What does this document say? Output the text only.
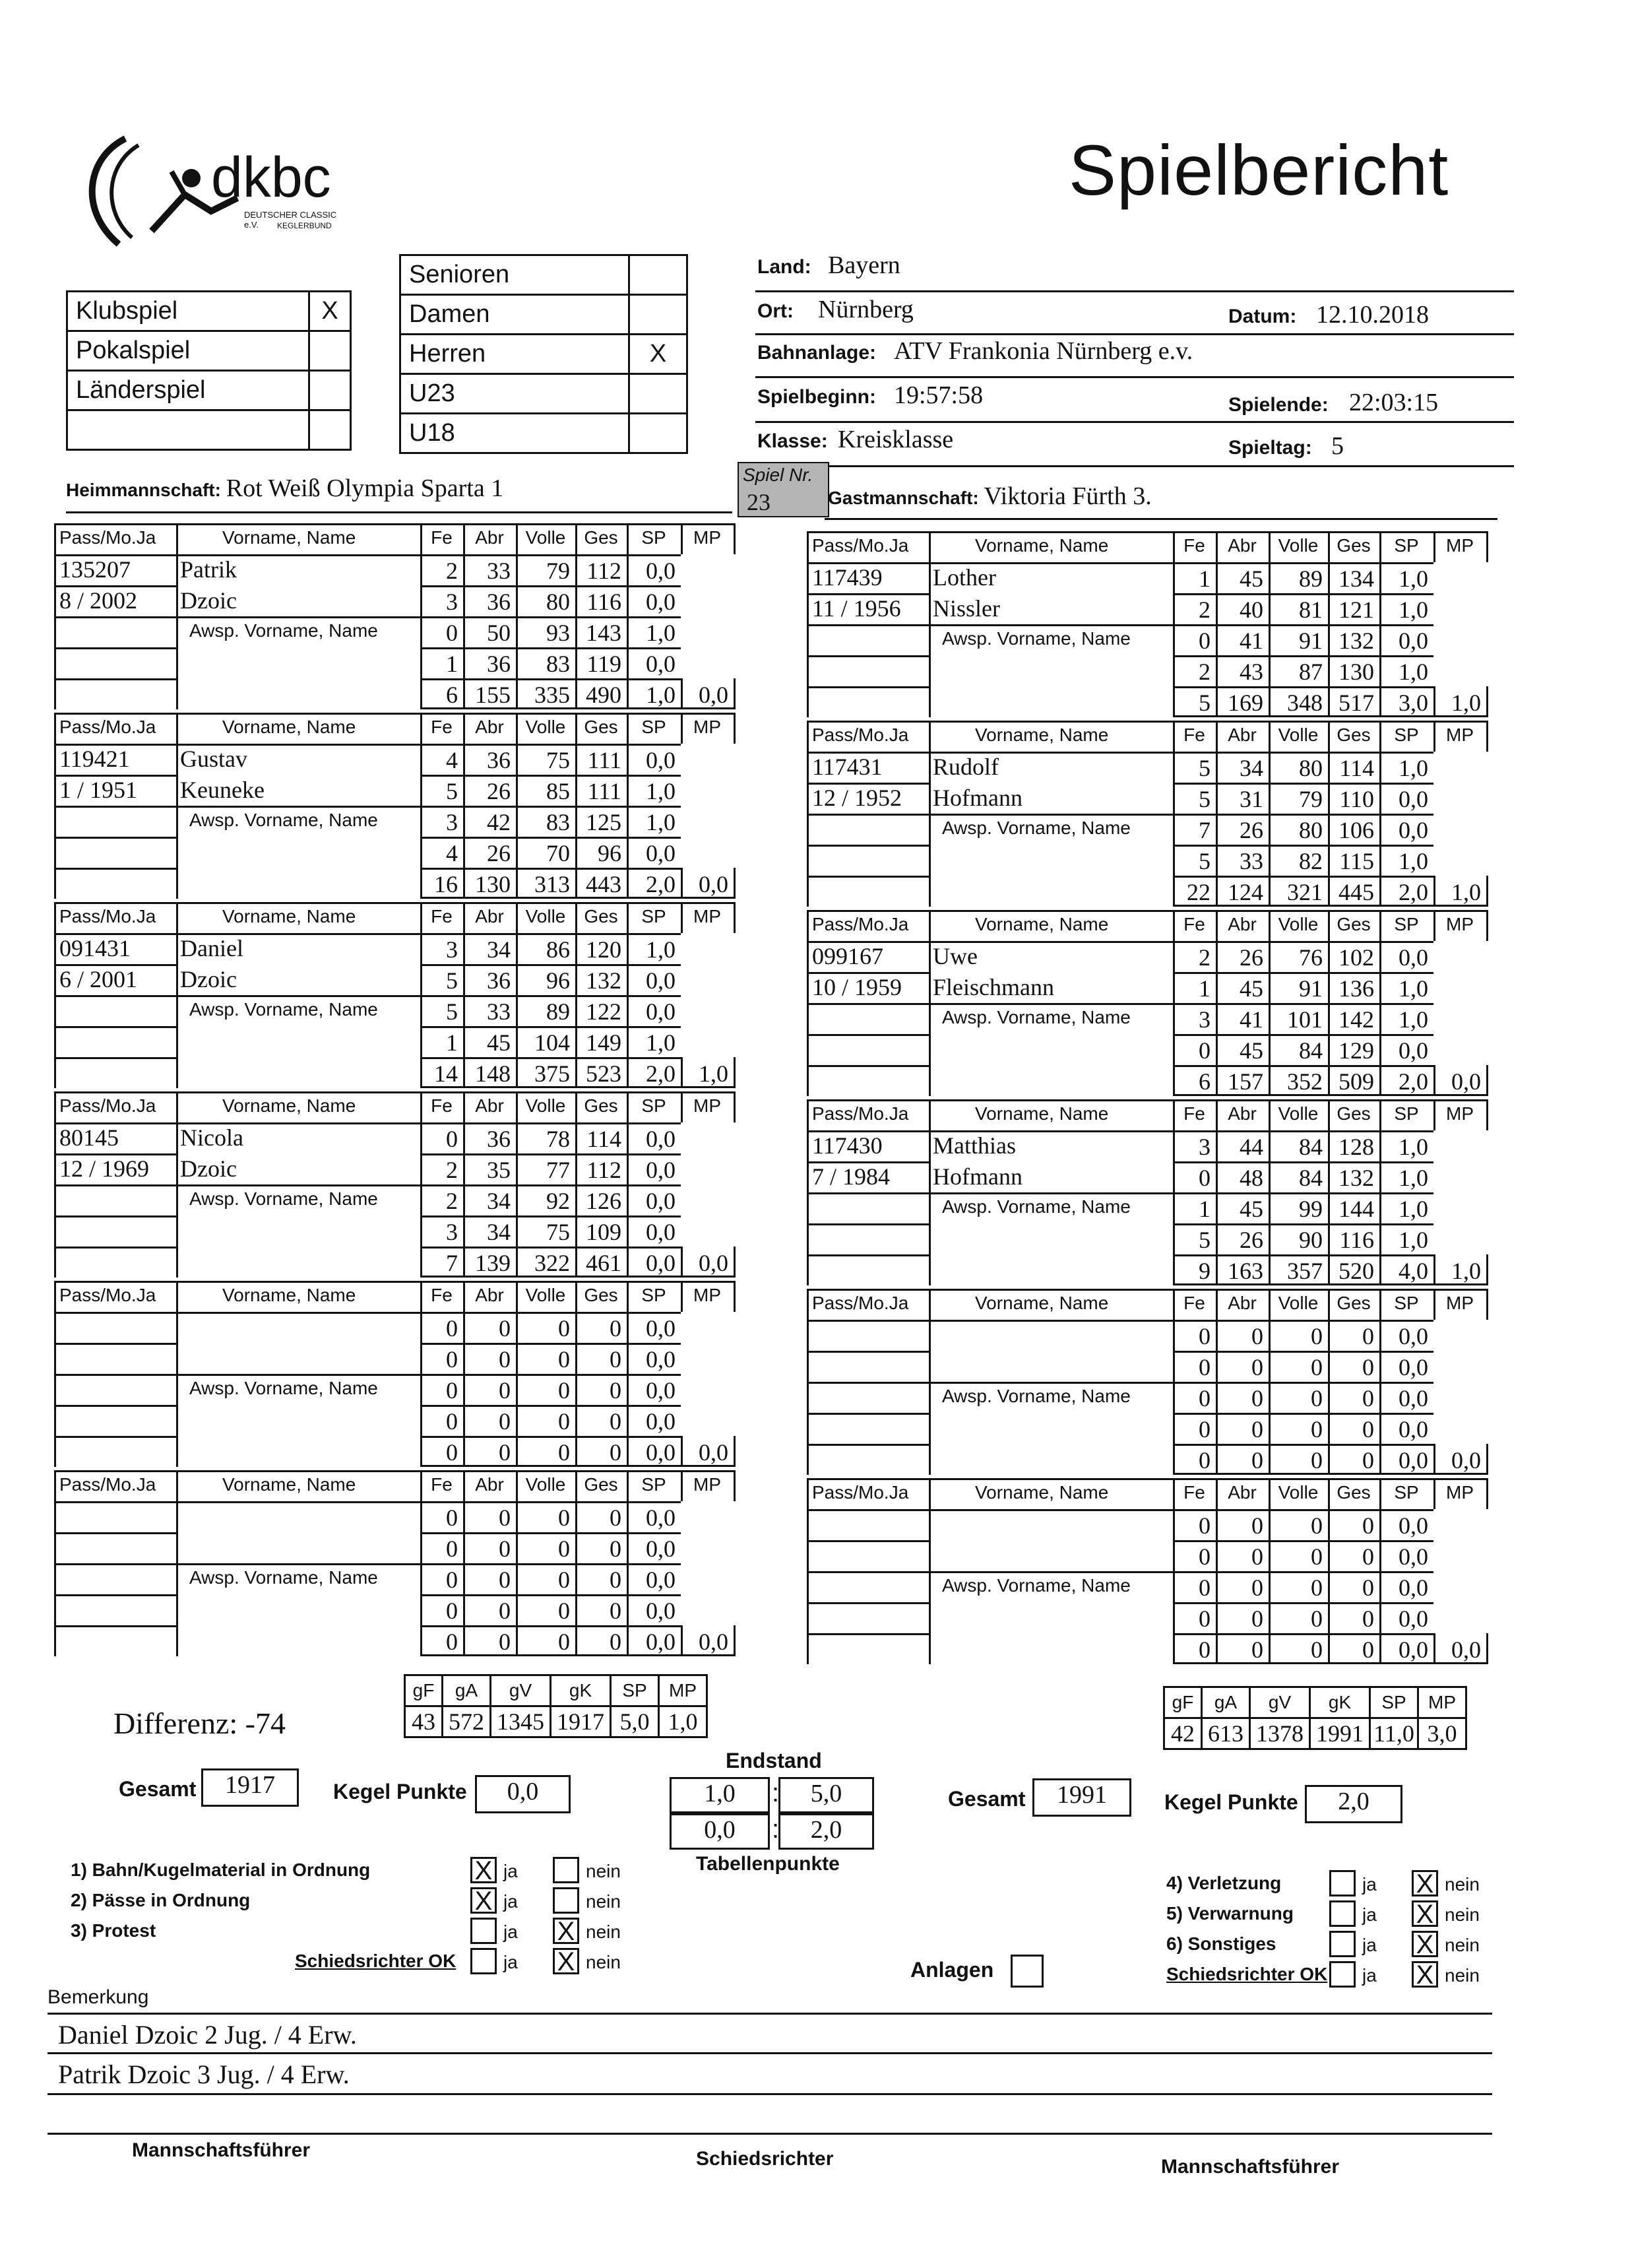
dkbc
DEUTSCHER CLASSIC e.V.	KEGLERBUND
Spielbericht
Klubspiel	X
Pokalspiel	
Länderspiel	

Senioren	
Damen	
Herren	X
U23	
U18	
Land: Bayern
Ort: Nürnberg	Datum: 12.10.2018
Bahnanlage: ATV Frankonia Nürnberg e.v.
Spielbeginn: 19:57:58	Spielende: 22:03:15
Klasse: Kreisklasse	Spieltag: 5
Spiel Nr.
23
Heimmannschaft: Rot Weiß Olympia Sparta 1	Gastmannschaft: Viktoria Fürth 3.
Pass/Mo.Ja	Vorname, Name	Fe	Abr	Volle Ges	SP	MP
135207 Patrik
8 / 2002 Dzoic
Awsp. Vorname, Name
2	33	79 112	0,0
3	36	80 116	0,0
0	50	93 143	1,0
1	36	83 119	0,0
6 155	335 490	1,0 0,0
Pass/Mo.Ja	Vorname, Name	Fe	Abr	Volle Ges	SP	MP
119421 Gustav
1 / 1951 Keuneke
Awsp. Vorname, Name
4	36	75 111	0,0
5	26	85 111	1,0
3	42	83 125	1,0
4	26	70	96	0,0
16 130	313 443	2,0 0,0
Pass/Mo.Ja	Vorname, Name	Fe	Abr	Volle Ges	SP	MP
091431 Daniel
6 / 2001 Dzoic
Awsp. Vorname, Name
3	34	86 120	1,0
5	36	96 132	0,0
5	33	89 122	0,0
1	45	104 149	1,0
14 148	375 523	2,0 1,0
Pass/Mo.Ja	Vorname, Name	Fe	Abr	Volle Ges	SP	MP
80145	Nicola
12 / 1969 Dzoic
Awsp. Vorname, Name
0	36	78 114	0,0
2	35	77 112	0,0
2	34	92 126	0,0
3	34	75 109	0,0
7 139	322 461	0,0 0,0
Pass/Mo.Ja	Vorname, Name	Fe	Abr	Volle Ges	SP	MP
Awsp. Vorname, Name
0	0	0	0	0,0
0	0	0	0	0,0
0	0	0	0	0,0
0	0	0	0	0,0
0	0	0	0	0,0 0,0
Pass/Mo.Ja	Vorname, Name	Fe	Abr	Volle Ges	SP	MP
Awsp. Vorname, Name
0	0	0	0	0,0
0	0	0	0	0,0
0	0	0	0	0,0
0	0	0	0	0,0
0	0	0	0	0,0 0,0
Pass/Mo.Ja	Vorname, Name	Fe	Abr	Volle Ges	SP	MP
117439 Lother
11 / 1956 Nissler
Awsp. Vorname, Name
1	45	89 134	1,0
2	40	81 121	1,0
0	41	91 132	0,0
2	43	87 130	1,0
5 169	348 517	3,0 1,0
Pass/Mo.Ja	Vorname, Name	Fe	Abr	Volle Ges	SP	MP
117431 Rudolf
12 / 1952 Hofmann
Awsp. Vorname, Name
5	34	80 114	1,0
5	31	79 110	0,0
7	26	80 106	0,0
5	33	82 115	1,0
22 124	321 445	2,0 1,0
Pass/Mo.Ja	Vorname, Name	Fe	Abr	Volle Ges	SP	MP
099167 Uwe
10 / 1959 Fleischmann
Awsp. Vorname, Name
2	26	76 102	0,0
1	45	91 136	1,0
3	41	101 142	1,0
0	45	84 129	0,0
6 157	352 509	2,0 0,0
Pass/Mo.Ja	Vorname, Name	Fe	Abr	Volle Ges	SP	MP
117430 Matthias
7 / 1984 Hofmann
Awsp. Vorname, Name
3	44	84 128	1,0
0	48	84 132	1,0
1	45	99 144	1,0
5	26	90 116	1,0
9 163	357 520	4,0 1,0
Pass/Mo.Ja	Vorname, Name	Fe	Abr	Volle Ges	SP	MP
Awsp. Vorname, Name
0	0	0	0	0,0
0	0	0	0	0,0
0	0	0	0	0,0
0	0	0	0	0,0
0	0	0	0	0,0 0,0
Pass/Mo.Ja	Vorname, Name	Fe	Abr	Volle Ges	SP	MP
Awsp. Vorname, Name
0	0	0	0	0,0
0	0	0	0	0,0
0	0	0	0	0,0
0	0	0	0	0,0
0	0	0	0	0,0 0,0
gF	gA	gV	gK	SP	MP
43	572	1345	1917	5,0	1,0
gF	gA	gV	gK	SP	MP
42	613	1378	1991	11,0	3,0
Differenz: -74
Gesamt	1917	Kegel Punkte	0,0
Endstand
1,0	:	5,0
0,0	:	2,0
Tabellenpunkte
Gesamt	1991	Kegel Punkte	2,0
1) Bahn/Kugelmaterial in Ordnung	X ja	nein
2) Pässe in Ordnung	X ja	nein
3) Protest	ja X nein
Schiedsrichter OK	ja X nein
4) Verletzung	ja X nein
5) Verwarnung	ja X nein
6) Sonstiges	ja X nein
Schiedsrichter OK ja X nein
Anlagen
Bemerkung
Daniel Dzoic 2 Jug. / 4 Erw.
Patrik Dzoic 3 Jug. / 4 Erw.
Mannschaftsführer	Schiedsrichter	Mannschaftsführer
